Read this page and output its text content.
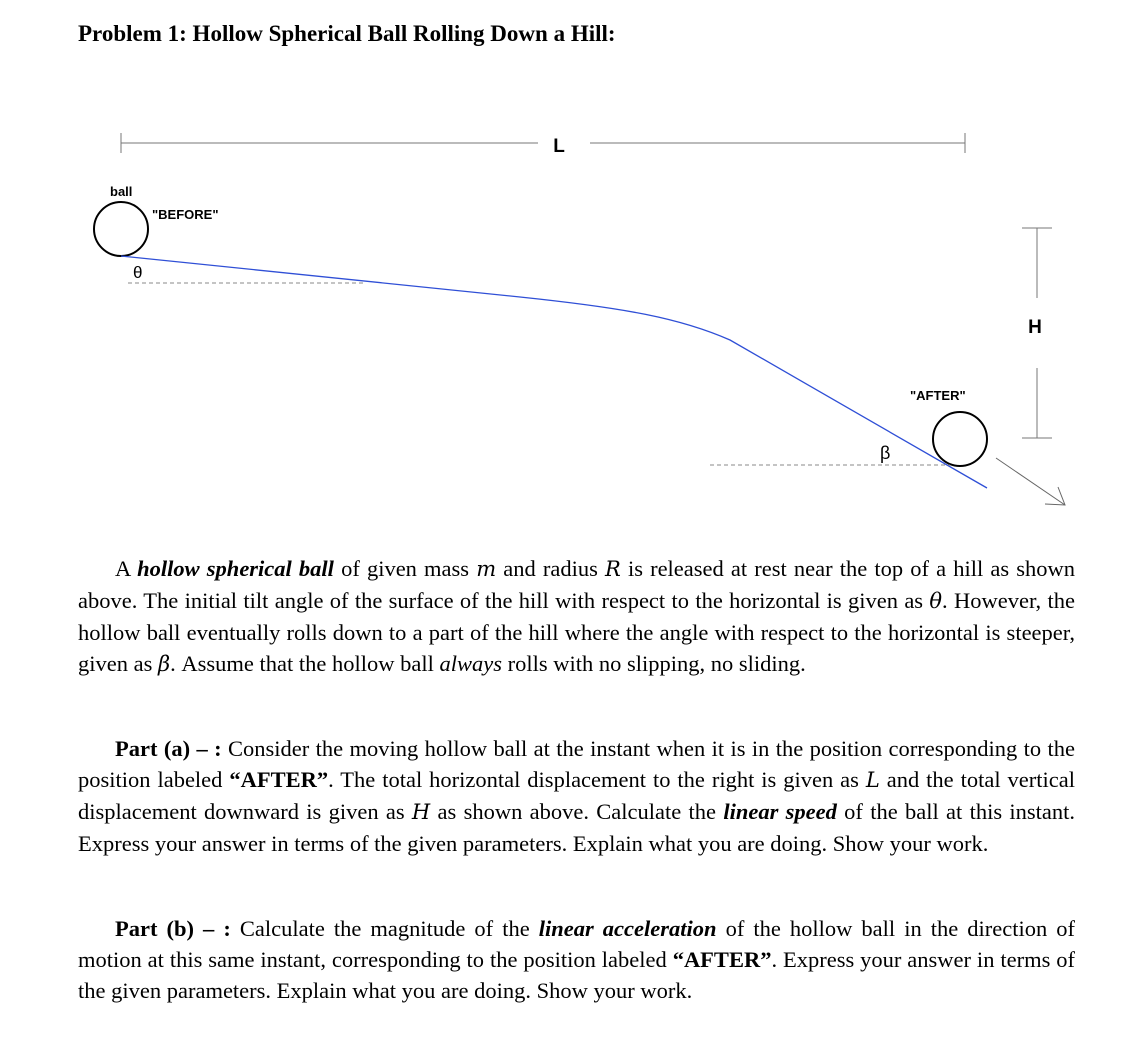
Problem 1: Hollow Spherical Ball Rolling Down a Hill:
L
H
ball
"BEFORE"
θ
"AFTER"
β

A hollow spherical ball of given mass m and radius R is released at rest near the top of a hill as shown above. The initial tilt angle of the surface of the hill with respect to the horizontal is given as θ. However, the hollow ball eventually rolls down to a part of the hill where the angle with respect to the horizontal is steeper, given as β. Assume that the hollow ball always rolls with no slipping, no sliding.

Part (a) – : Consider the moving hollow ball at the instant when it is in the position corresponding to the position labeled “AFTER”. The total horizontal displacement to the right is given as L and the total vertical displacement downward is given as H as shown above. Calculate the linear speed of the ball at this instant. Express your answer in terms of the given parameters. Explain what you are doing. Show your work.

Part (b) – : Calculate the magnitude of the linear acceleration of the hollow ball in the direction of motion at this same instant, corresponding to the position labeled “AFTER”. Express your answer in terms of the given parameters. Explain what you are doing. Show your work.
